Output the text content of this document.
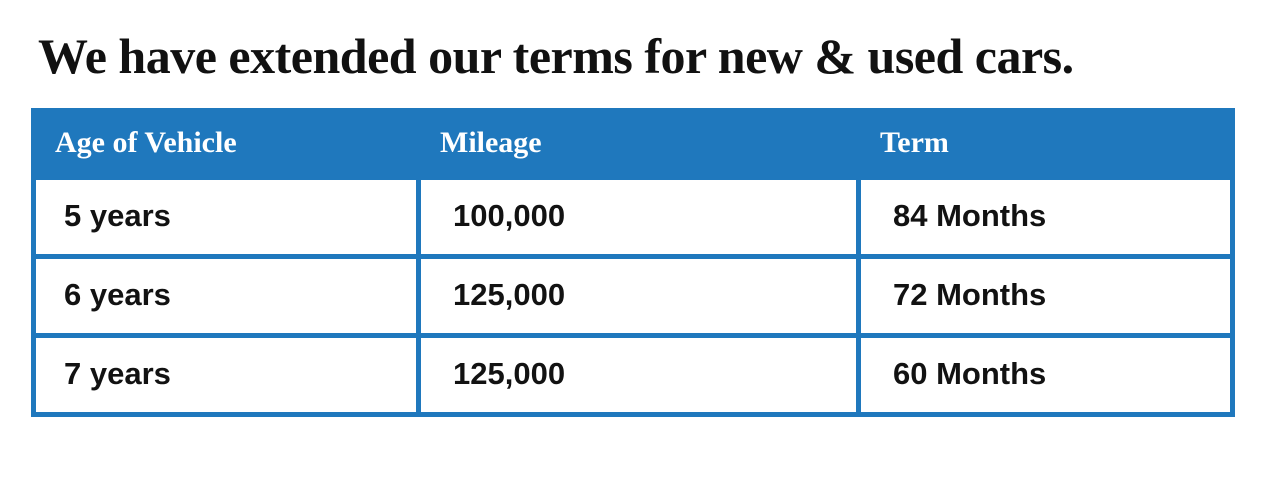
We have extended our terms for new & used cars.
Age of Vehicle	Mileage	Term
5 years	100,000	84 Months
6 years	125,000	72 Months
7 years	125,000	60 Months
